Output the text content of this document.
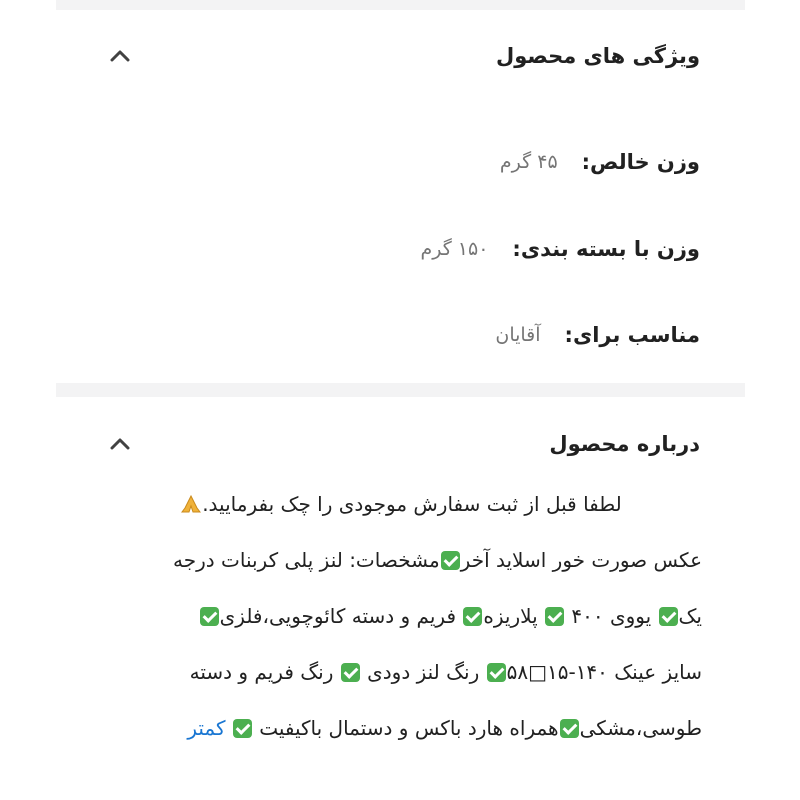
ویژگی های محصول
وزن خالص:
۴۵ گرم
وزن با بسته بندی:
۱۵۰ گرم
مناسب برای:
آقایان
درباره محصول
لطفا قبل از ثبت سفارش موجودی را چک بفرمایید.
عکس صورت خور اسلاید آخرمشخصات: لنز پلی کربنات درجه
یک یووی ۴۰۰  پلاریزه فریم و دسته کائوچویی،فلزی
سایز عینک ۱۴۰-۱۵□۵۸ رنگ لنز دودی  رنگ فریم و دسته
طوسی،مشکیهمراه هارد باکس و دستمال باکیفیت  کمتر
